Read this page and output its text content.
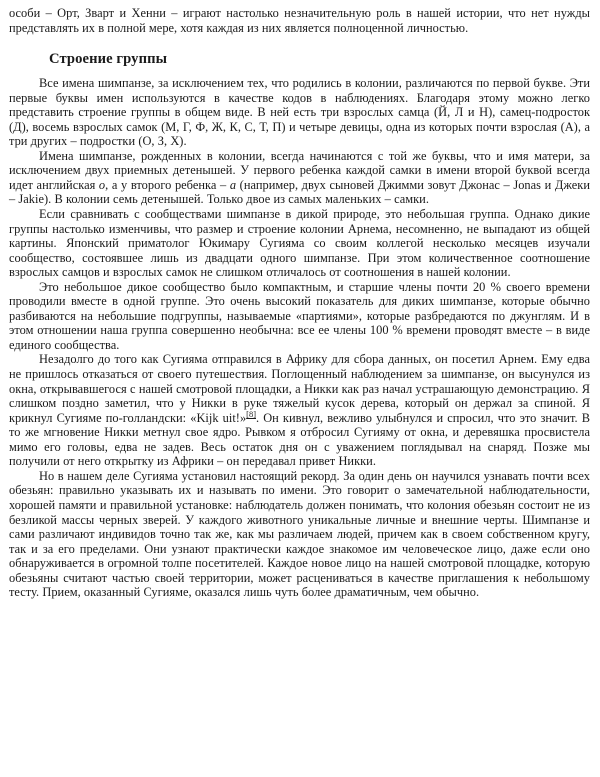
особи – Орт, Зварт и Хенни – играют настолько незначительную роль в нашей истории, что нет нужды представлять их в полной мере, хотя каждая из них является полноценной личностью.

Строение группы

Все имена шимпанзе, за исключением тех, что родились в колонии, различаются по первой букве. Эти первые буквы имен используются в качестве кодов в наблюдениях. Благодаря этому можно легко представить строение группы в общем виде. В ней есть три взрослых самца (Й, Л и Н), самец-подросток (Д), восемь взрослых самок (М, Г, Ф, Ж, К, С, Т, П) и четыре девицы, одна из которых почти взрослая (А), а три других – подростки (О, З, Х).

Имена шимпанзе, рожденных в колонии, всегда начинаются с той же буквы, что и имя матери, за исключением двух приемных детенышей. У первого ребенка каждой самки в имени второй буквой всегда идет английская о, а у второго ребенка – a (например, двух сыновей Джимми зовут Джонас – Jonas и Джеки – Jakie). В колонии семь детенышей. Только двое из самых маленьких – самки.

Если сравнивать с сообществами шимпанзе в дикой природе, это небольшая группа. Однако дикие группы настолько изменчивы, что размер и строение колонии Арнема, несомненно, не выпадают из общей картины. Японский приматолог Юкимару Сугияма со своим коллегой несколько месяцев изучали сообщество, состоявшее лишь из двадцати одного шимпанзе. При этом количественное соотношение взрослых самцов и взрослых самок не слишком отличалось от соотношения в нашей колонии.

Это небольшое дикое сообщество было компактным, и старшие члены почти 20 % своего времени проводили вместе в одной группе. Это очень высокий показатель для диких шимпанзе, которые обычно разбиваются на небольшие подгруппы, называемые «партиями», которые разбредаются по джунглям. И в этом отношении наша группа совершенно необычна: все ее члены 100 % времени проводят вместе – в виде единого сообщества.

Незадолго до того как Сугияма отправился в Африку для сбора данных, он посетил Арнем. Ему едва не пришлось отказаться от своего путешествия. Поглощенный наблюдением за шимпанзе, он высунулся из окна, открывавшегося с нашей смотровой площадки, а Никки как раз начал устрашающую демонстрацию. Я слишком поздно заметил, что у Никки в руке тяжелый кусок дерева, который он держал за спиной. Я крикнул Сугияме по-голландски: «Kijk uit!»[8]. Он кивнул, вежливо улыбнулся и спросил, что это значит. В то же мгновение Никки метнул свое ядро. Рывком я отбросил Сугияму от окна, и деревяшка просвистела мимо его головы, едва не задев. Весь остаток дня он с уважением поглядывал на снаряд. Позже мы получили от него открытку из Африки – он передавал привет Никки.

Но в нашем деле Сугияма установил настоящий рекорд. За один день он научился узнавать почти всех обезьян: правильно указывать их и называть по имени. Это говорит о замечательной наблюдательности, хорошей памяти и правильной установке: наблюдатель должен понимать, что колония обезьян состоит не из безликой массы черных зверей. У каждого животного уникальные личные и внешние черты. Шимпанзе и сами различают индивидов точно так же, как мы различаем людей, причем как в своем собственном кругу, так и за его пределами. Они узнают практически каждое знакомое им человеческое лицо, даже если оно обнаруживается в огромной толпе посетителей. Каждое новое лицо на нашей смотровой площадке, которую обезьяны считают частью своей территории, может расцениваться в качестве приглашения к небольшому тесту. Прием, оказанный Сугияме, оказался лишь чуть более драматичным, чем обычно.
